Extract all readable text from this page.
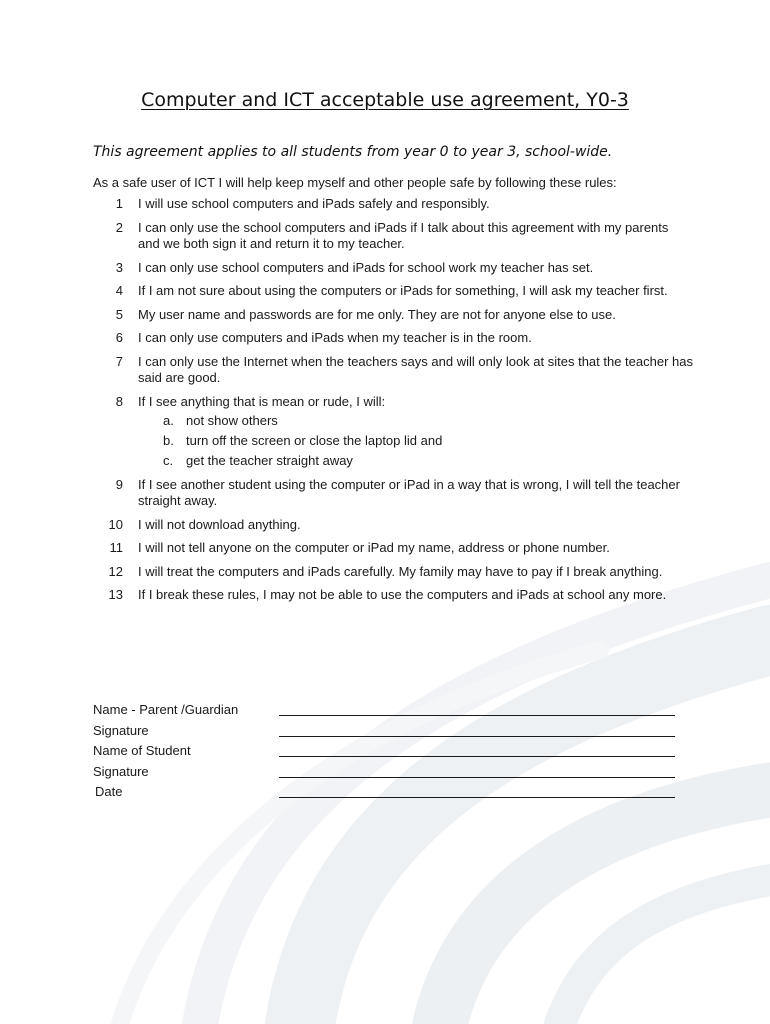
Computer and ICT acceptable use agreement, Y0-3

This agreement applies to all students from year 0 to year 3, school-wide.

As a safe user of ICT I will help keep myself and other people safe by following these rules:

1 I will use school computers and iPads safely and responsibly.
2 I can only use the school computers and iPads if I talk about this agreement with my parents and we both sign it and return it to my teacher.
3 I can only use school computers and iPads for school work my teacher has set.
4 If I am not sure about using the computers or iPads for something, I will ask my teacher first.
5 My user name and passwords are for me only. They are not for anyone else to use.
6 I can only use computers and iPads when my teacher is in the room.
7 I can only use the Internet when the teachers says and will only look at sites that the teacher has said are good.
8 If I see anything that is mean or rude, I will:
a. not show others
b. turn off the screen or close the laptop lid and
c. get the teacher straight away
9 If I see another student using the computer or iPad in a way that is wrong, I will tell the teacher straight away.
10 I will not download anything.
11 I will not tell anyone on the computer or iPad my name, address or phone number.
12 I will treat the computers and iPads carefully. My family may have to pay if I break anything.
13 If I break these rules, I may not be able to use the computers and iPads at school any more.
Name - Parent /Guardian
Signature
Name of Student
Signature
Date
